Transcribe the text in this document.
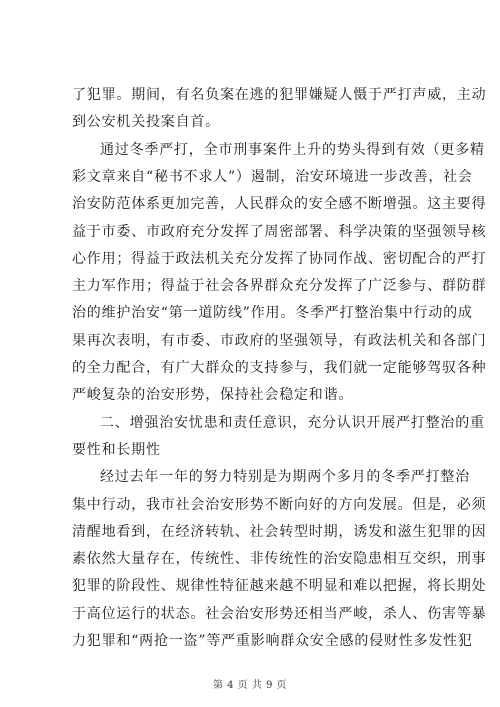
了犯罪。期间，有名负案在逃的犯罪嫌疑人慑于严打声威，主动
到公安机关投案自首。
通过冬季严打，全市刑事案件上升的势头得到有效（更多精
彩文章来自“秘书不求人”）遏制，治安环境进一步改善，社会
治安防范体系更加完善，人民群众的安全感不断增强。这主要得
益于市委、市政府充分发挥了周密部署、科学决策的坚强领导核
心作用；得益于政法机关充分发挥了协同作战、密切配合的严打
主力军作用；得益于社会各界群众充分发挥了广泛参与、群防群
治的维护治安“第一道防线”作用。冬季严打整治集中行动的成
果再次表明，有市委、市政府的坚强领导，有政法机关和各部门
的全力配合，有广大群众的支持参与，我们就一定能够驾驭各种
严峻复杂的治安形势，保持社会稳定和谐。
二、增强治安忧患和责任意识，充分认识开展严打整治的重
要性和长期性
经过去年一年的努力特别是为期两个多月的冬季严打整治
集中行动，我市社会治安形势不断向好的方向发展。但是，必须
清醒地看到，在经济转轨、社会转型时期，诱发和滋生犯罪的因
素依然大量存在，传统性、非传统性的治安隐患相互交织，刑事
犯罪的阶段性、规律性特征越来越不明显和难以把握，将长期处
于高位运行的状态。社会治安形势还相当严峻，杀人、伤害等暴
第 4 页 共 9 页
力犯罪和“两抢一盗”等严重影响群众安全感的侵财性多发性犯
